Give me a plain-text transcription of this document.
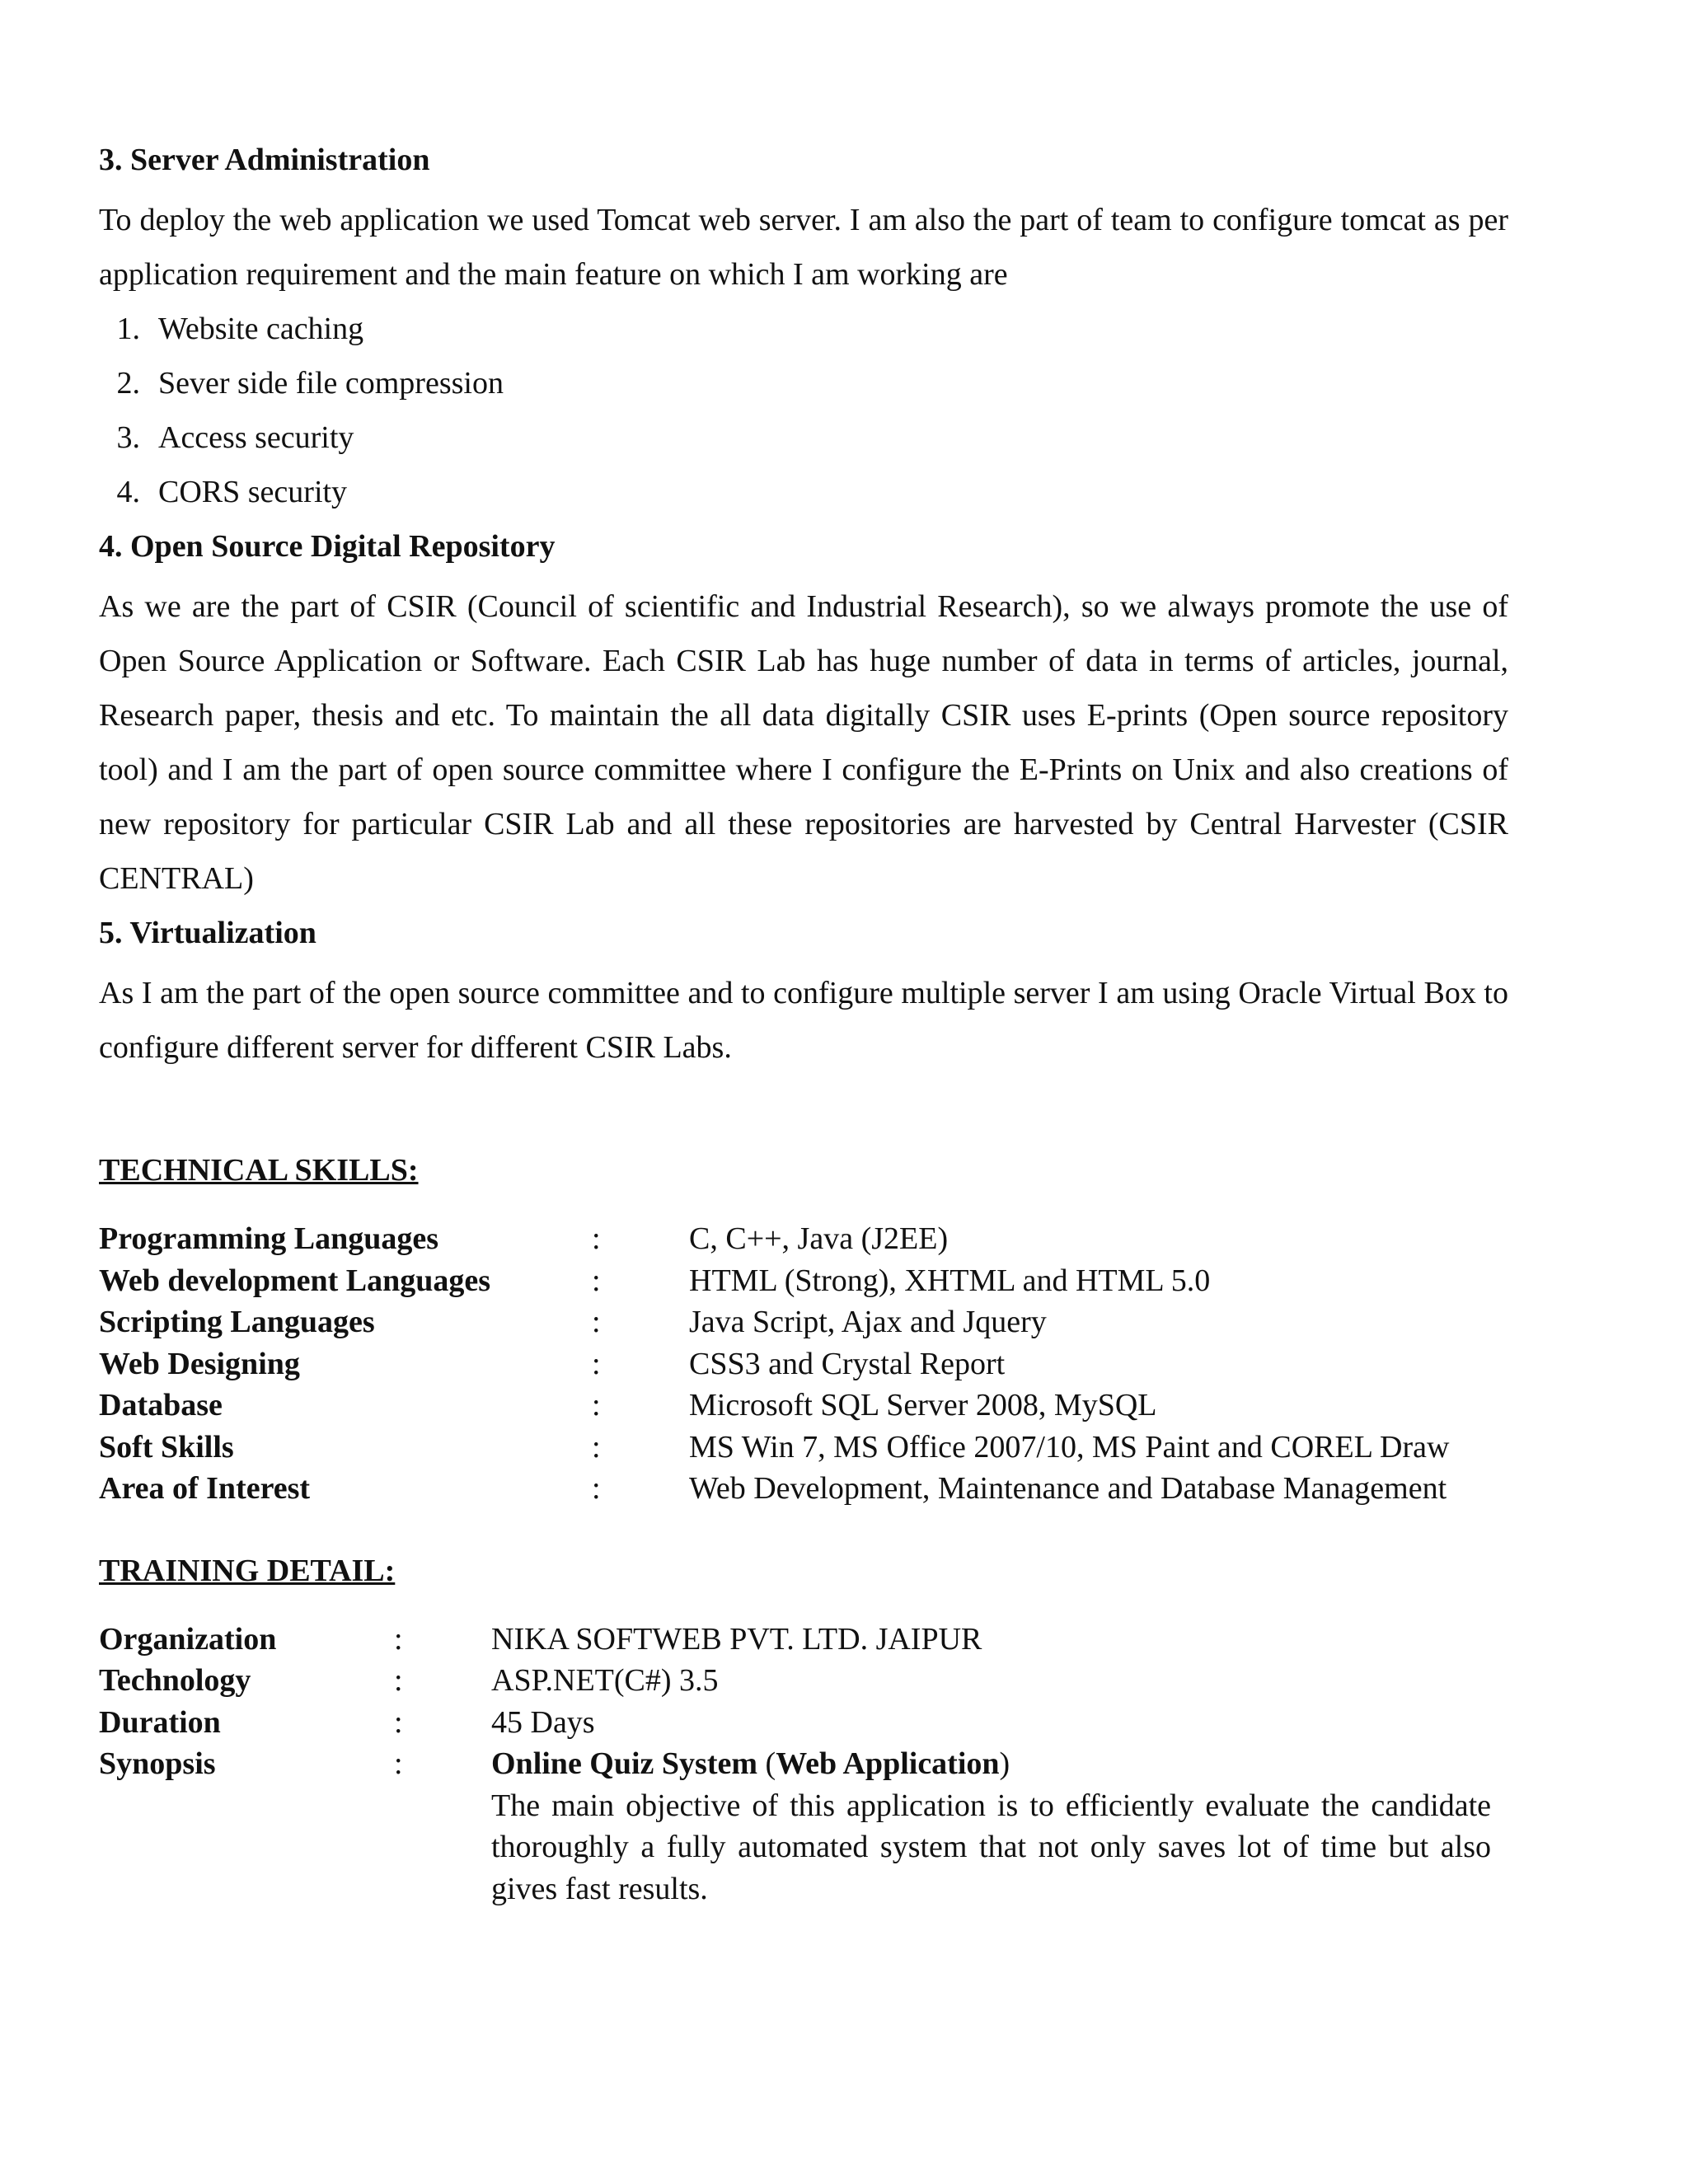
3. Server Administration

To deploy the web application we used Tomcat web server. I am also the part of team to configure tomcat as per application requirement and the main feature on which I am working are

1. Website caching
2. Sever side file compression
3. Access security
4. CORS security
4. Open Source Digital Repository

As we are the part of CSIR (Council of scientific and Industrial Research), so we always promote the use of Open Source Application or Software. Each CSIR Lab has huge number of data in terms of articles, journal, Research paper, thesis and etc. To maintain the all data digitally CSIR uses E-prints (Open source repository tool) and I am the part of open source committee where I configure the E-Prints on Unix and also creations of new repository for particular CSIR Lab and all these repositories are harvested by Central Harvester (CSIR CENTRAL)

5. Virtualization

As I am the part of the open source committee and to configure multiple server I am using Oracle Virtual Box to configure different server for different CSIR Labs.

TECHNICAL SKILLS:
Programming Languages	:	C, C++, Java (J2EE)
Web development Languages	:	HTML (Strong), XHTML and HTML 5.0
Scripting Languages	:	Java Script, Ajax and Jquery
Web Designing	:	CSS3 and Crystal Report
Database	:	Microsoft SQL Server 2008, MySQL
Soft Skills	:	MS Win 7, MS Office 2007/10, MS Paint and COREL Draw
Area of Interest	:	Web Development, Maintenance and Database Management
TRAINING DETAIL:
Organization	:	NIKA SOFTWEB PVT. LTD. JAIPUR
Technology	:	ASP.NET(C#) 3.5
Duration	:	45 Days
Synopsis	:	Online Quiz System (Web Application)
The main objective of this application is to efficiently evaluate the candidate thoroughly a fully automated system that not only saves lot of time but also gives fast results.
